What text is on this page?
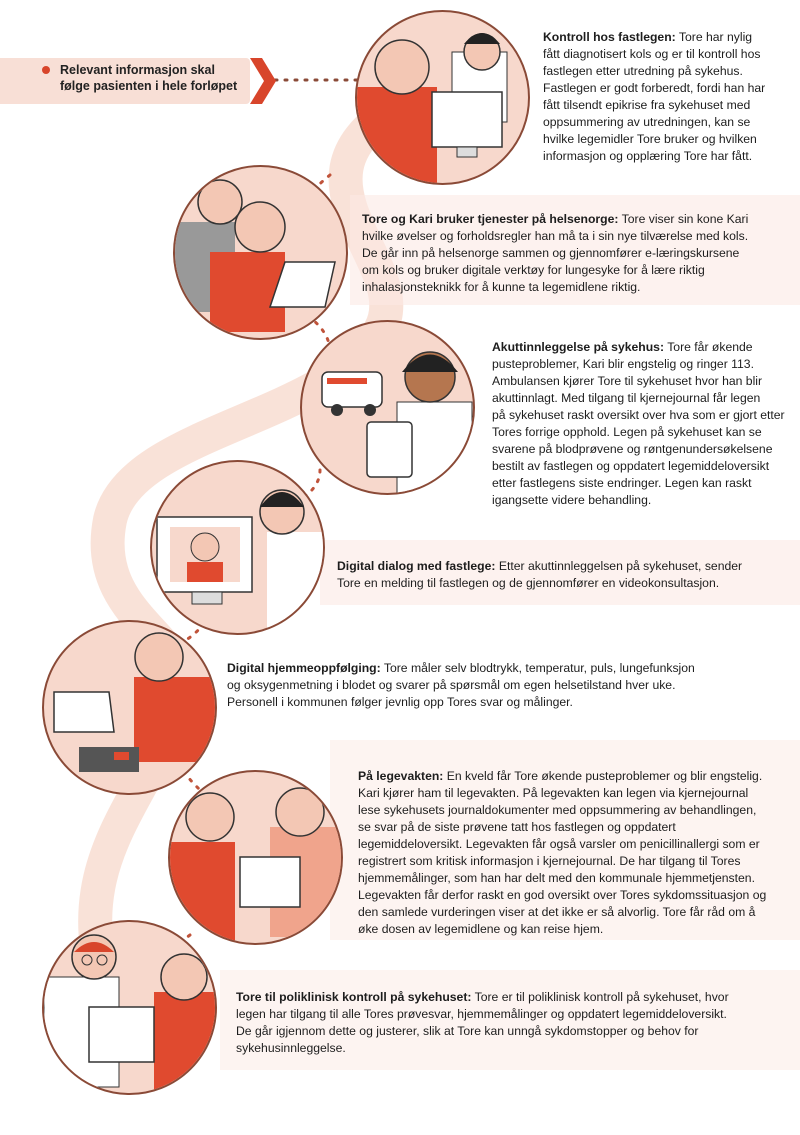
Relevant informasjon skal
følge pasienten i hele forløpet
Kontroll hos fastlegen: Tore har nylig
fått diagnotisert kols og er til kontroll hos
fastlegen etter utredning på sykehus.
Fastlegen er godt forberedt, fordi han har
fått tilsendt epikrise fra sykehuset med
oppsummering av utredningen, kan se
hvilke legemidler Tore bruker og hvilken
informasjon og opplæring Tore har fått.
Tore og Kari bruker tjenester på helsenorge: Tore viser sin kone Kari
hvilke øvelser og forholdsregler han må ta i sin nye tilværelse med kols.
De går inn på helsenorge sammen og gjennomfører e-læringskursene
om kols og bruker digitale verktøy for lungesyke for å lære riktig
inhalasjonsteknikk for å kunne ta legemidlene riktig.
Akuttinnleggelse på sykehus: Tore får økende
pusteproblemer, Kari blir engstelig og ringer 113.
Ambulansen kjører Tore til sykehuset hvor han blir
akuttinnlagt. Med tilgang til kjernejournal får legen
på sykehuset raskt oversikt over hva som er gjort etter
Tores forrige opphold. Legen på sykehuset kan se
svarene på blodprøvene og røntgenundersøkelsene
bestilt av fastlegen og oppdatert legemiddeloversikt
etter fastlegens siste endringer. Legen kan raskt
igangsette videre behandling.
Digital dialog med fastlege: Etter akuttinnleggelsen på sykehuset, sender
Tore en melding til fastlegen og de gjennomfører en videokonsultasjon.
Digital hjemmeoppfølging: Tore måler selv blodtrykk, temperatur, puls, lungefunksjon
og oksygenmetning i blodet og svarer på spørsmål om egen helsetilstand hver uke.
Personell i kommunen følger jevnlig opp Tores svar og målinger.
På legevakten: En kveld får Tore økende pusteproblemer og blir engstelig.
Kari kjører ham til legevakten. På legevakten kan legen via kjernejournal
lese sykehusets journaldokumenter med oppsummering av behandlingen,
se svar på de siste prøvene tatt hos fastlegen og oppdatert
legemiddeloversikt. Legevakten får også varsler om penicillinallergi som er
registrert som kritisk informasjon i kjernejournal. De har tilgang til Tores
hjemmemålinger, som han har delt med den kommunale hjemmetjensten.
Legevakten får derfor raskt en god oversikt over Tores sykdomssituasjon og
den samlede vurderingen viser at det ikke er så alvorlig. Tore får råd om å
øke dosen av legemidlene og kan reise hjem.
Tore til poliklinisk kontroll på sykehuset: Tore er til poliklinisk kontroll på sykehuset, hvor
legen har tilgang til alle Tores prøvesvar, hjemmemålinger og oppdatert legemiddeloversikt.
De går igjennom dette og justerer, slik at Tore kan unngå sykdomstopper og behov for
sykehusinnleggelse.
